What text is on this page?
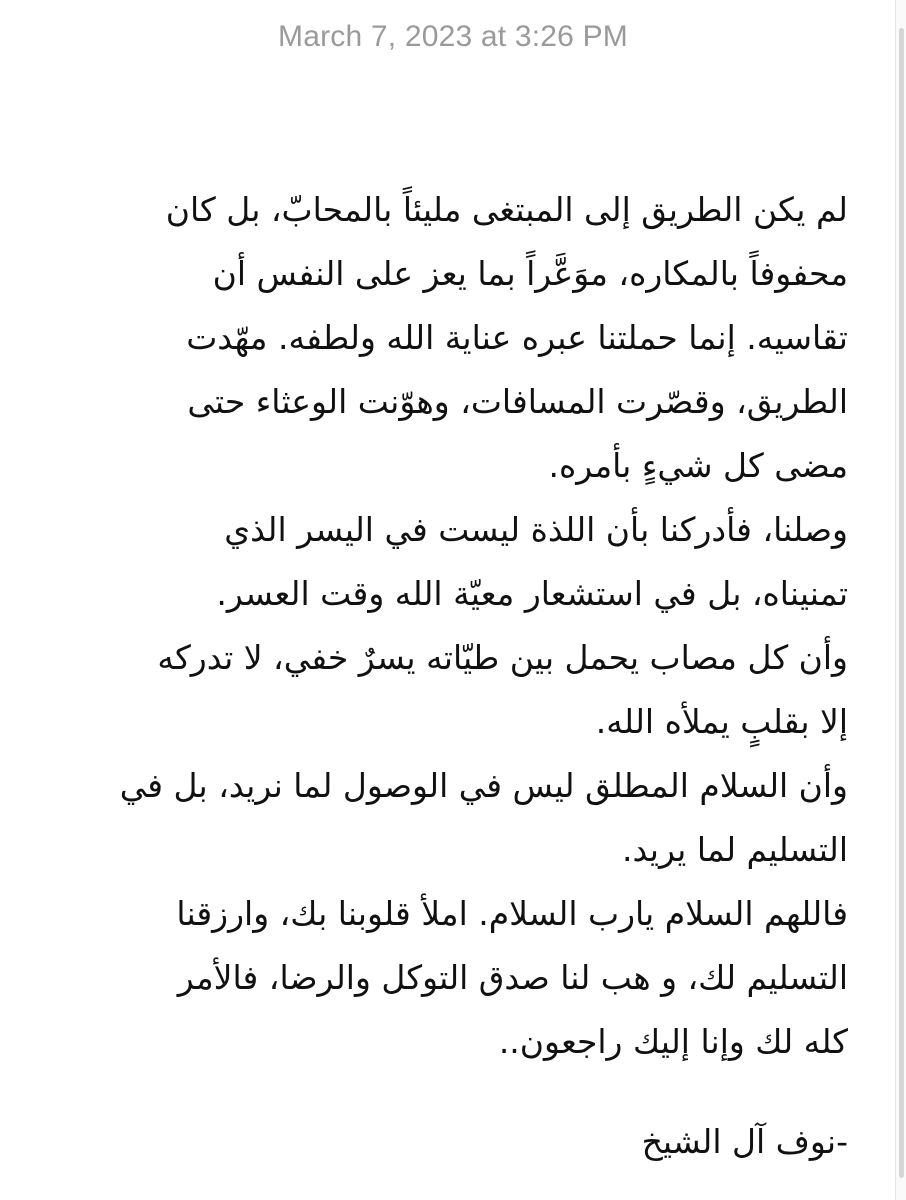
March 7, 2023 at 3:26 PM
لم يكن الطريق إلى المبتغى مليئاً بالمحابّ، بل كان
محفوفاً بالمكاره، موَعَّراً بما يعز على النفس أن
تقاسيه. إنما حملتنا عبره عناية الله ولطفه. مهّدت
الطريق، وقصّرت المسافات، وهوّنت الوعثاء حتى
مضى كل شيءٍ بأمره.
وصلنا، فأدركنا بأن اللذة ليست في اليسر الذي
تمنيناه، بل في استشعار معيّة الله وقت العسر.
وأن كل مصاب يحمل بين طيّاته يسرٌ خفي، لا تدركه
إلا بقلبٍ يملأه الله.
وأن السلام المطلق ليس في الوصول لما نريد، بل في
التسليم لما يريد.
فاللهم السلام يارب السلام. املأ قلوبنا بك، وارزقنا
التسليم لك، و هب لنا صدق التوكل والرضا، فالأمر
كله لك وإنا إليك راجعون..
-نوف آل الشيخ
